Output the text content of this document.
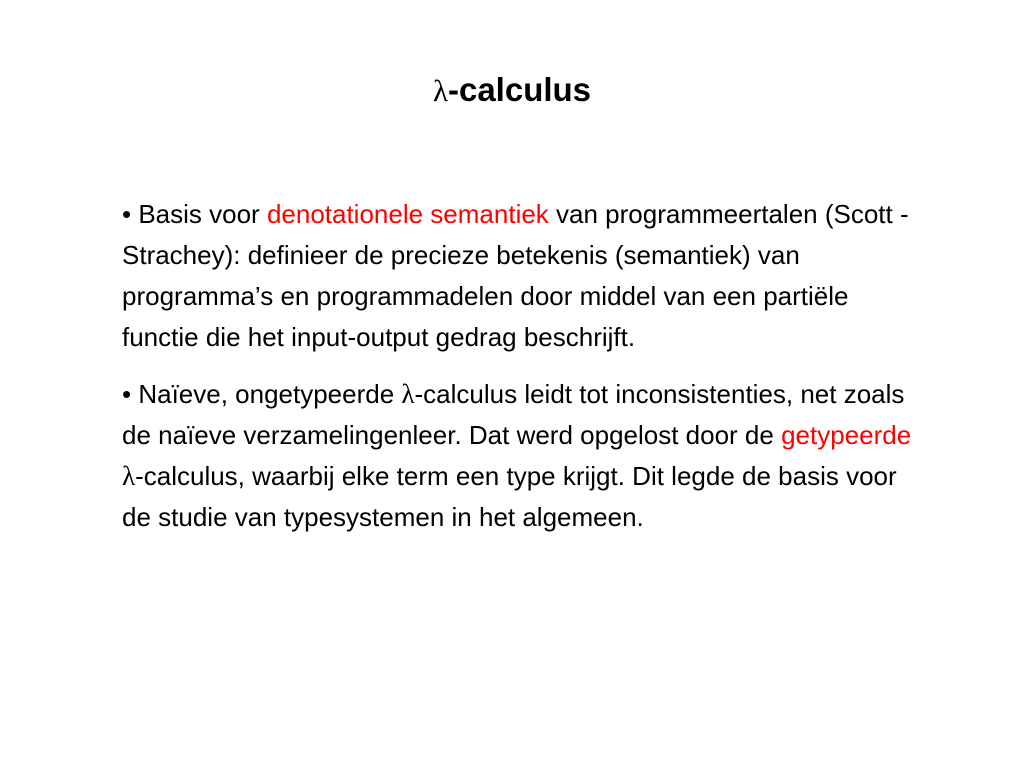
λ-calculus

• Basis voor denotationele semantiek van programmeertalen (Scott - Strachey): definieer de precieze betekenis (semantiek) van programma’s en programmadelen door middel van een partiële functie die het input-output gedrag beschrijft.

• Naïeve, ongetypeerde λ-calculus leidt tot inconsistenties, net zoals de naïeve verzamelingenleer. Dat werd opgelost door de getypeerde λ-calculus, waarbij elke term een type krijgt. Dit legde de basis voor de studie van typesystemen in het algemeen.
